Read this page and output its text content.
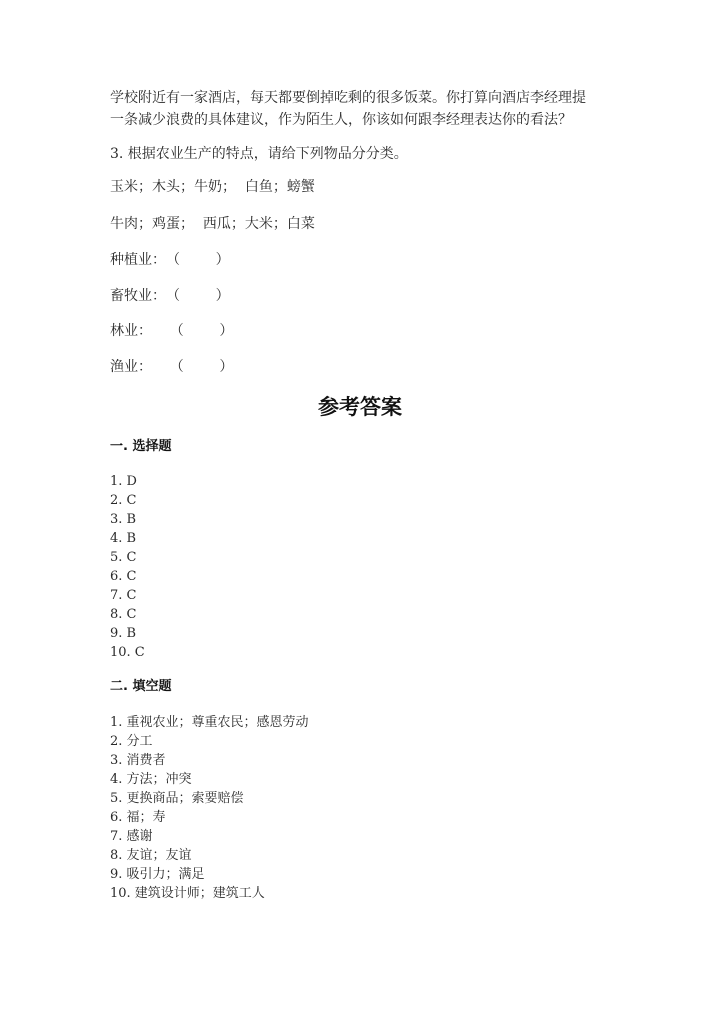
学校附近有一家酒店，每天都要倒掉吃剩的很多饭菜。你打算向酒店李经理提
一条减少浪费的具体建议，作为陌生人，你该如何跟李经理表达你的看法？
3. 根据农业生产的特点，请给下列物品分分类。
玉米；木头；牛奶；  白鱼；螃蟹
牛肉；鸡蛋；  西瓜；大米；白菜
种植业：（        ）
畜牧业：（        ）
林业：    （        ）
渔业：    （        ）
参考答案
一. 选择题
1. D
2. C
3. B
4. B
5. C
6. C
7. C
8. C
9. B
10. C
二. 填空题
1. 重视农业；尊重农民；感恩劳动
2. 分工
3. 消费者
4. 方法；冲突
5. 更换商品；索要赔偿
6. 福；寿
7. 感谢
8. 友谊；友谊
9. 吸引力；满足
10. 建筑设计师；建筑工人
